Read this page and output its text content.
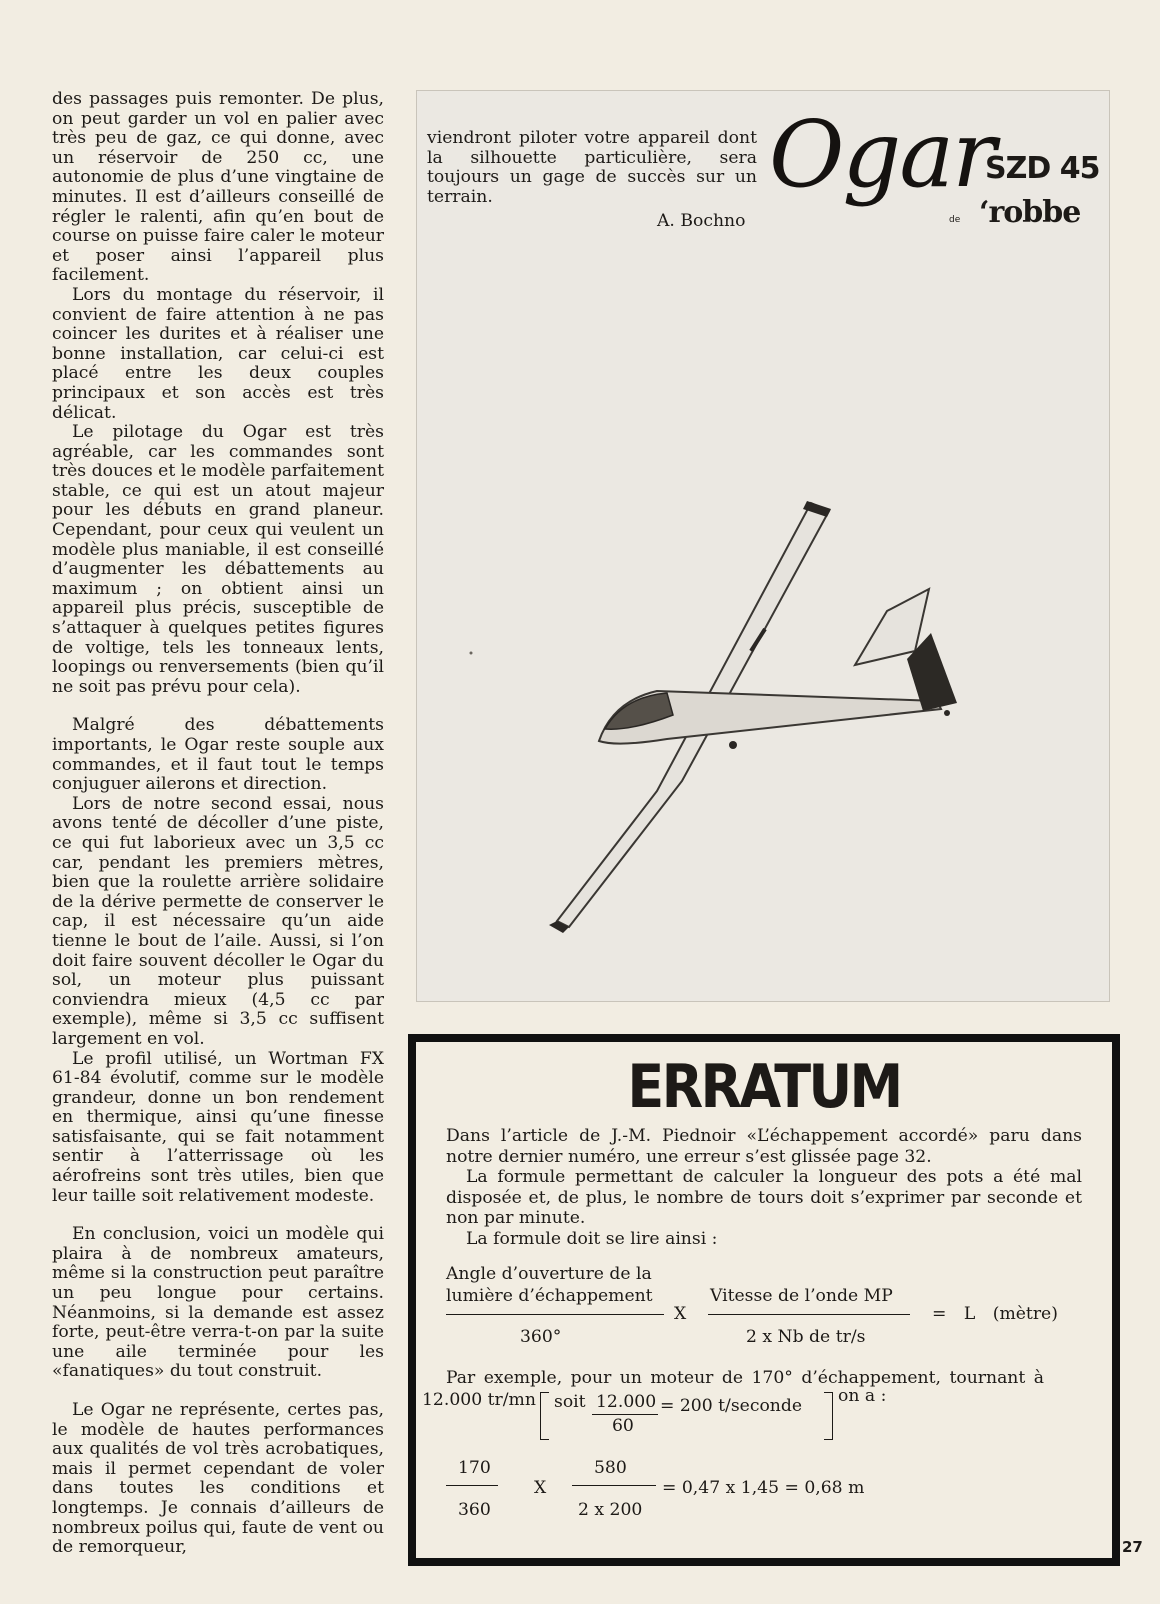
des passages puis remonter. De plus, on peut garder un vol en palier avec très peu de gaz, ce qui donne, avec un réservoir de 250 cc, une autonomie de plus d’une vingtaine de minutes. Il est d’ailleurs conseillé de régler le ralenti, afin qu’en bout de course on puisse faire caler le moteur et poser ainsi l’appareil plus facilement.

Lors du montage du réservoir, il convient de faire attention à ne pas coincer les durites et à réaliser une bonne installation, car celui-ci est placé entre les deux couples principaux et son accès est très délicat.

Le pilotage du Ogar est très agréable, car les commandes sont très douces et le modèle parfaitement stable, ce qui est un atout majeur pour les débuts en grand planeur. Cependant, pour ceux qui veulent un modèle plus maniable, il est conseillé d’augmenter les débattements au maximum ; on obtient ainsi un appareil plus précis, susceptible de s’attaquer à quelques petites figures de voltige, tels les tonneaux lents, loopings ou renversements (bien qu’il ne soit pas prévu pour cela).

Malgré des débattements importants, le Ogar reste souple aux commandes, et il faut tout le temps conjuguer ailerons et direction.

Lors de notre second essai, nous avons tenté de décoller d’une piste, ce qui fut laborieux avec un 3,5 cc car, pendant les premiers mètres, bien que la roulette arrière solidaire de la dérive permette de conserver le cap, il est nécessaire qu’un aide tienne le bout de l’aile. Aussi, si l’on doit faire souvent décoller le Ogar du sol, un moteur plus puissant conviendra mieux (4,5 cc par exemple), même si 3,5 cc suffisent largement en vol.

Le profil utilisé, un Wortman FX 61-84 évolutif, comme sur le modèle grandeur, donne un bon rendement en thermique, ainsi qu’une finesse satisfaisante, qui se fait notamment sentir à l’atterrissage où les aérofreins sont très utiles, bien que leur taille soit relativement modeste.

En conclusion, voici un modèle qui plaira à de nombreux amateurs, même si la construction peut paraître un peu longue pour certains. Néanmoins, si la demande est assez forte, peut-être verra-t-on par la suite une aile terminée pour les «fanatiques» du tout construit.

Le Ogar ne représente, certes pas, le modèle de hautes performances aux qualités de vol très acrobatiques, mais il permet cependant de voler dans toutes les conditions et longtemps. Je connais d’ailleurs de nombreux poilus qui, faute de vent ou de remorqueur,

viendront piloter votre appareil dont la silhouette particulière, sera toujours un gage de succès sur un terrain.
A. Bochno
Ogar
SZD 45
de ‘robbe
ERRATUM

Dans l’article de J.-M. Piednoir «L’échappement accordé» paru dans notre dernier numéro, une erreur s’est glissée page 32.

La formule permettant de calculer la longueur des pots a été mal disposée et, de plus, le nombre de tours doit s’exprimer par seconde et non par minute.

La formule doit se lire ainsi :

Angle d’ouverture de la
lumière d’échappement
360°
X
Vitesse de l’onde MP
2 x Nb de tr/s
= L (mètre)
Par exemple, pour un moteur de 170° d’échappement, tournant à
12.000 tr/mn soit 12.000
60
= 200 t/seconde on a :
170
360
X
580
2 x 200
= 0,47 x 1,45 = 0,68 m
27
